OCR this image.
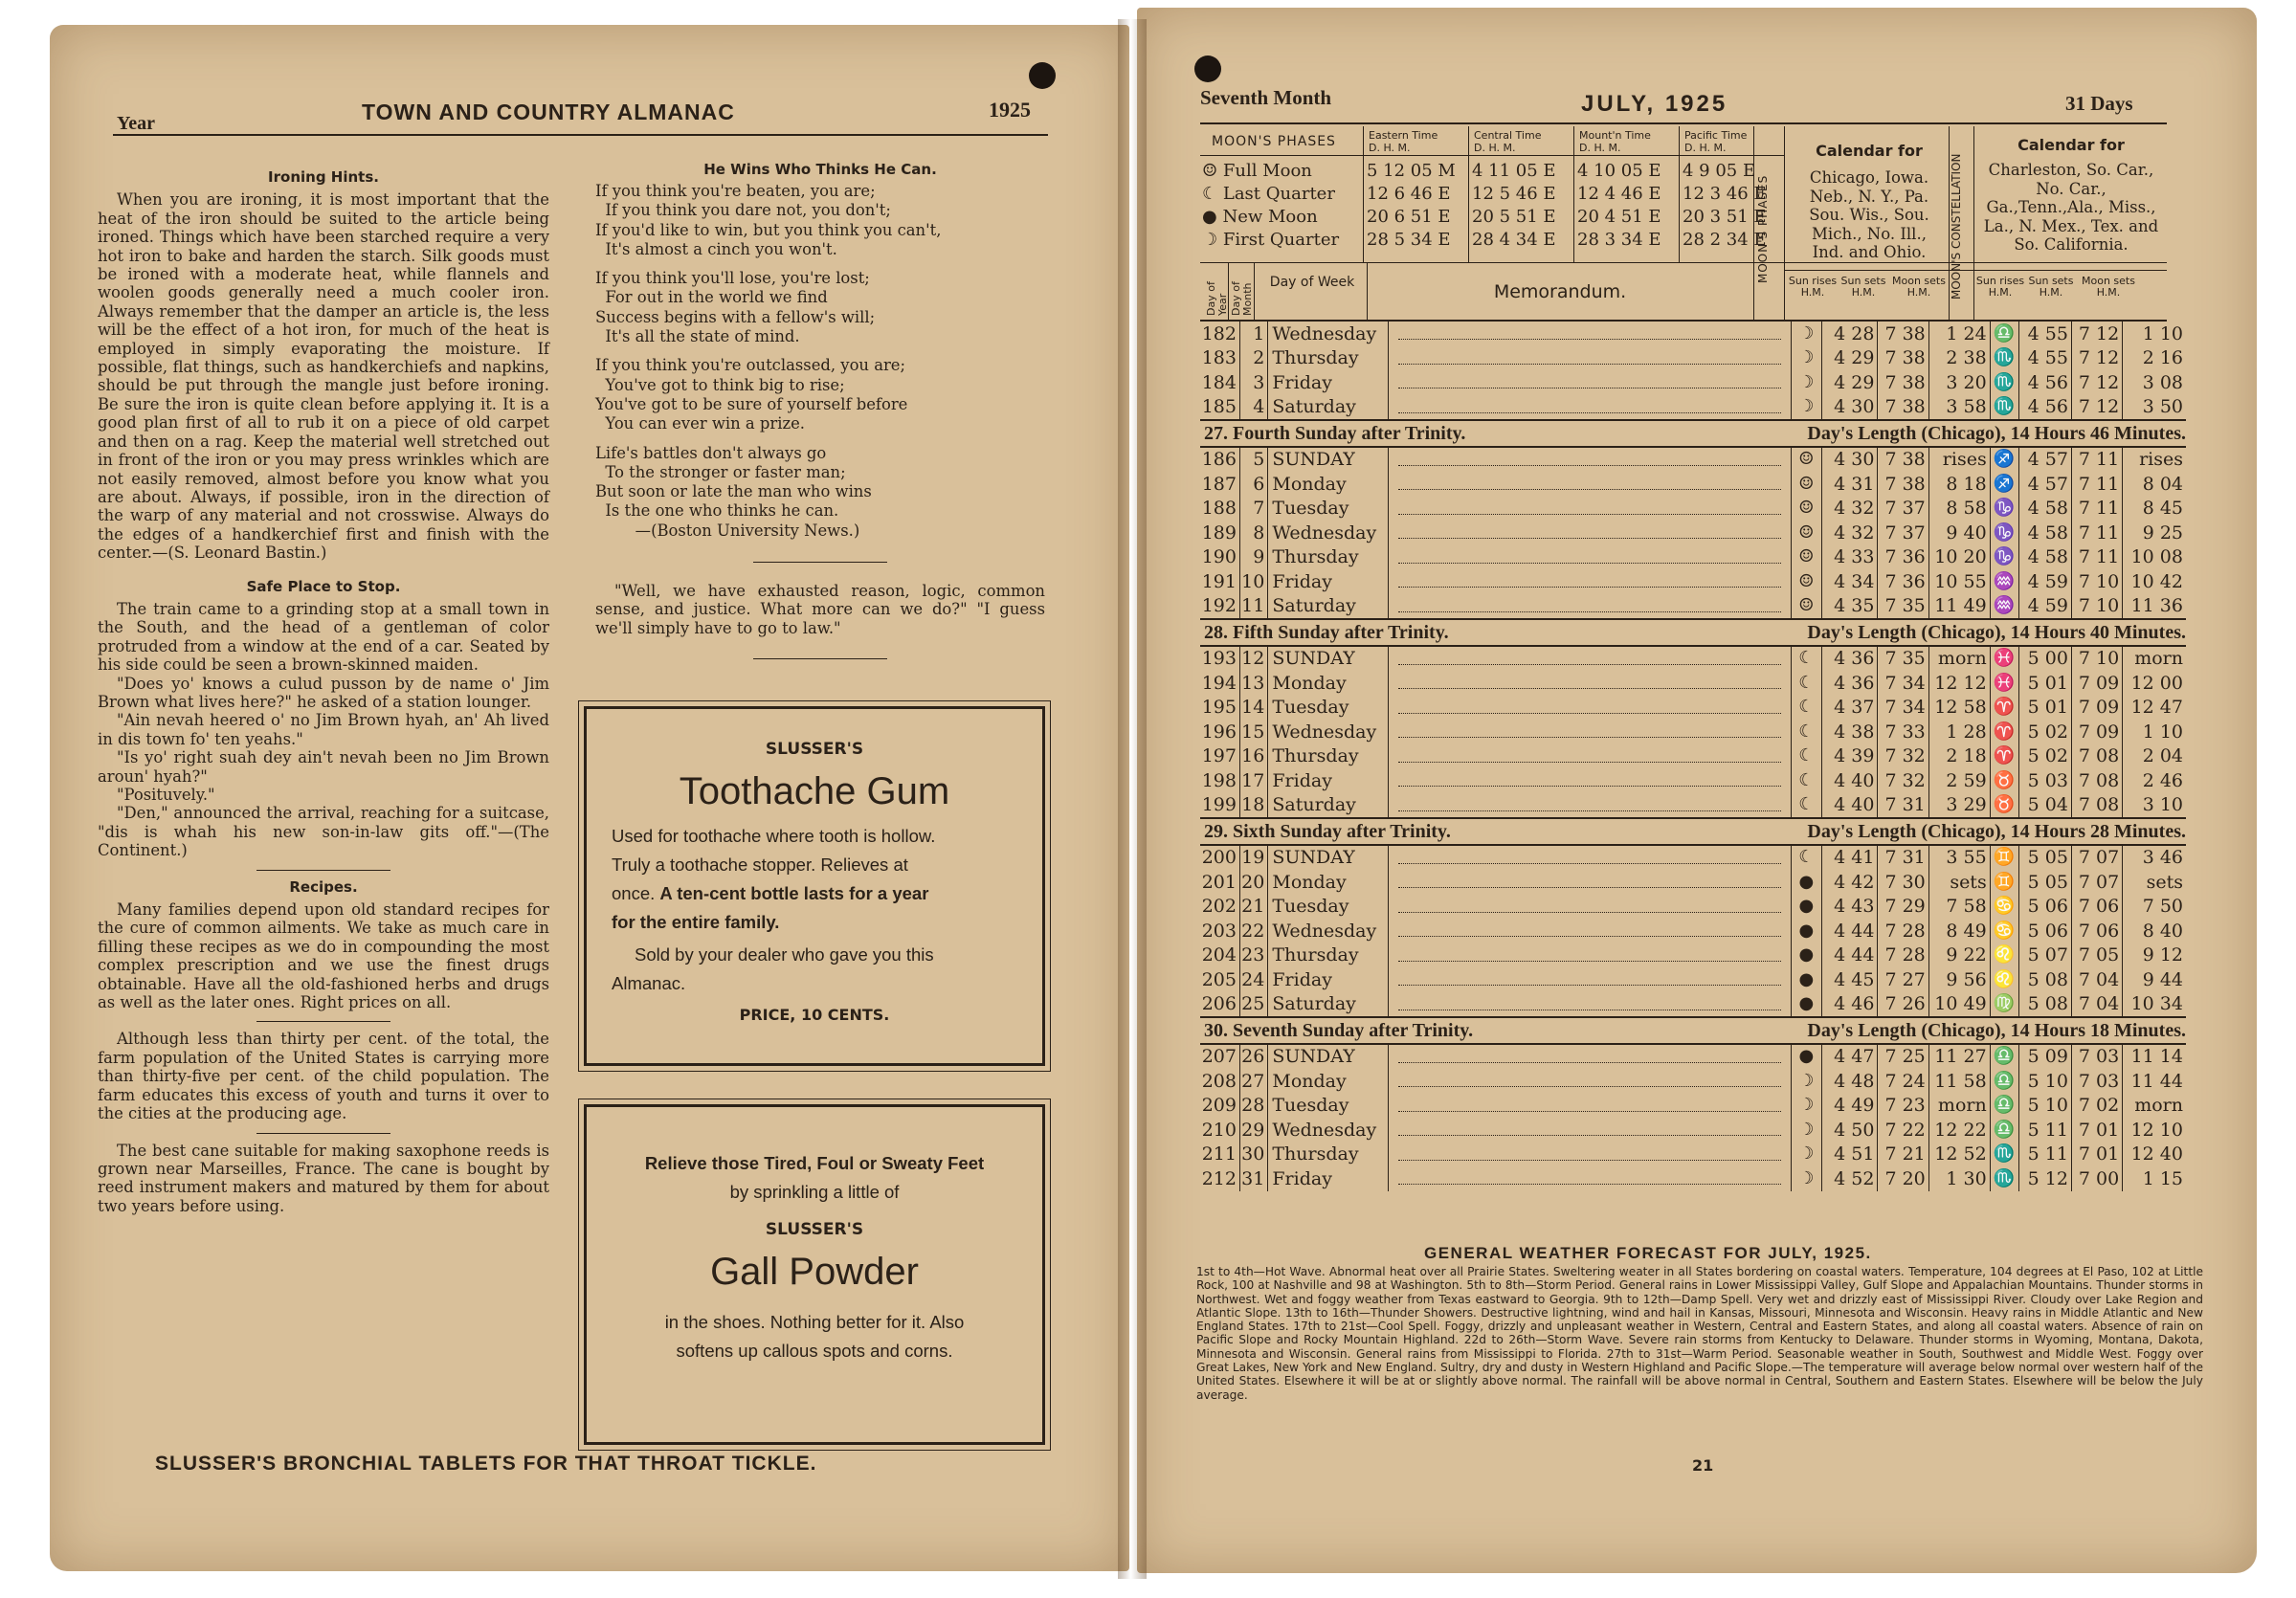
Year	TOWN AND COUNTRY ALMANAC	1925
Ironing Hints.

When you are ironing, it is most important that the heat of the iron should be suited to the article being ironed. Things which have been starched require a very hot iron to bake and harden the starch. Silk goods must be ironed with a moderate heat, while flannels and woolen goods generally need a much cooler iron. Always remember that the damper an article is, the less will be the effect of a hot iron, for much of the heat is employed in simply evaporating the moisture. If possible, flat things, such as handkerchiefs and napkins, should be put through the mangle just before ironing. Be sure the iron is quite clean before applying it. It is a good plan first of all to rub it on a piece of old carpet and then on a rag. Keep the material well stretched out in front of the iron or you may press wrinkles which are not easily removed, almost before you know what you are about. Always, if possible, iron in the direction of the warp of any material and not crosswise. Always do the edges of a handkerchief first and finish with the center.—(S. Leonard Bastin.)

Safe Place to Stop.

The train came to a grinding stop at a small town in the South, and the head of a gentleman of color protruded from a window at the end of a car. Seated by his side could be seen a brown-skinned maiden.

"Does yo' knows a culud pusson by de name o' Jim Brown what lives here?" he asked of a station lounger.

"Ain nevah heered o' no Jim Brown hyah, an' Ah lived in dis town fo' ten yeahs."

"Is yo' right suah dey ain't nevah been no Jim Brown aroun' hyah?"

"Posituvely."

"Den," announced the arrival, reaching for a suitcase, "dis is whah his new son-in-law gits off."—(The Continent.)

Recipes.

Many families depend upon old standard recipes for the cure of common ailments. We take as much care in filling these recipes as we do in compounding the most complex prescription and we use the finest drugs obtainable. Have all the old-fashioned herbs and drugs as well as the later ones. Right prices on all.

Although less than thirty per cent. of the total, the farm population of the United States is carrying more than thirty-five per cent. of the child population. The farm educates this excess of youth and turns it over to the cities at the producing age.

The best cane suitable for making saxophone reeds is grown near Marseilles, France. The cane is bought by reed instrument makers and matured by them for about two years before using.

He Wins Who Thinks He Can.
If you think you're beaten, you are;
If you think you dare not, you don't;
If you'd like to win, but you think you can't,
It's almost a cinch you won't.
If you think you'll lose, you're lost;
For out in the world we find
Success begins with a fellow's will;
It's all the state of mind.
If you think you're outclassed, you are;
You've got to think big to rise;
You've got to be sure of yourself before
You can ever win a prize.
Life's battles don't always go
To the stronger or faster man;
But soon or late the man who wins
Is the one who thinks he can.
—(Boston University News.)
"Well, we have exhausted reason, logic, common sense, and justice. What more can we do?" "I guess we'll simply have to go to law."
SLUSSER'S
Toothache Gum
Used for toothache where tooth is hollow.
Truly a toothache stopper. Relieves at
once. A ten-cent bottle lasts for a year
for the entire family.
Sold by your dealer who gave you this
Almanac.
PRICE, 10 CENTS.
Relieve those Tired, Foul or Sweaty Feet
by sprinkling a little of
SLUSSER'S
Gall Powder
in the shoes. Nothing better for it. Also
softens up callous spots and corns.
SLUSSER'S BRONCHIAL TABLETS FOR THAT THROAT TICKLE.
Seventh Month	JULY, 1925	31 Days
MOON'S PHASES	Eastern Time
D. H. M.
Central Time
D. H. M.
Mount'n Time
D. H. M.
Pacific Time
D. H. M.
☺ Full Moon	5 12 05 M	4 11 05 E	4 10 05 E	4 9 05 E
☾ Last Quarter	12 6 46 E	12 5 46 E	12 4 46 E	12 3 46 E
● New Moon	20 6 51 E	20 5 51 E	20 4 51 E	20 3 51 E
☽ First Quarter	28 5 34 E	28 4 34 E	28 3 34 E	28 2 34 E
Day of Year Day of Month
Day of Week	Memorandum.
MOON'S PHASES
Calendar for
Chicago, Iowa. Neb., N. Y., Pa. Sou. Wis., Sou. Mich., No. Ill., Ind. and Ohio.	MOON'S CONSTELLATION
Calendar for
Charleston, So. Car., No. Car., Ga.,Tenn.,Ala., Miss., La., N. Mex., Tex. and So. California.
Sun rises H.M.
Sun sets H.M.
Moon sets H.M.
Sun rises H.M.
Sun sets H.M.
Moon sets H.M.
182	1	Wednesday		☽	4 28	7 38	1 24	♎	4 55	7 12	1 10
183	2	Thursday		☽	4 29	7 38	2 38	♏	4 55	7 12	2 16
184	3	Friday		☽	4 29	7 38	3 20	♏	4 56	7 12	3 08
185	4	Saturday		☽	4 30	7 38	3 58	♏	4 56	7 12	3 50
27. Fourth Sunday after Trinity.				Day's Length (Chicago), 14 Hours 46 Minutes.							
186	5	SUNDAY		☺	4 30	7 38	rises	♐	4 57	7 11	rises
187	6	Monday		☺	4 31	7 38	8 18	♐	4 57	7 11	8 04
188	7	Tuesday		☺	4 32	7 37	8 58	♑	4 58	7 11	8 45
189	8	Wednesday		☺	4 32	7 37	9 40	♑	4 58	7 11	9 25
190	9	Thursday		☺	4 33	7 36	10 20	♑	4 58	7 11	10 08
191	10	Friday		☺	4 34	7 36	10 55	♒	4 59	7 10	10 42
192	11	Saturday		☺	4 35	7 35	11 49	♒	4 59	7 10	11 36
28. Fifth Sunday after Trinity.				Day's Length (Chicago), 14 Hours 40 Minutes.							
193	12	SUNDAY		☾	4 36	7 35	morn	♓	5 00	7 10	morn
194	13	Monday		☾	4 36	7 34	12 12	♓	5 01	7 09	12 00
195	14	Tuesday		☾	4 37	7 34	12 58	♈	5 01	7 09	12 47
196	15	Wednesday		☾	4 38	7 33	1 28	♈	5 02	7 09	1 10
197	16	Thursday		☾	4 39	7 32	2 18	♈	5 02	7 08	2 04
198	17	Friday		☾	4 40	7 32	2 59	♉	5 03	7 08	2 46
199	18	Saturday		☾	4 40	7 31	3 29	♉	5 04	7 08	3 10
29. Sixth Sunday after Trinity.				Day's Length (Chicago), 14 Hours 28 Minutes.							
200	19	SUNDAY		☾	4 41	7 31	3 55	♊	5 05	7 07	3 46
201	20	Monday		●	4 42	7 30	sets	♊	5 05	7 07	sets
202	21	Tuesday		●	4 43	7 29	7 58	♋	5 06	7 06	7 50
203	22	Wednesday		●	4 44	7 28	8 49	♋	5 06	7 06	8 40
204	23	Thursday		●	4 44	7 28	9 22	♌	5 07	7 05	9 12
205	24	Friday		●	4 45	7 27	9 56	♌	5 08	7 04	9 44
206	25	Saturday		●	4 46	7 26	10 49	♍	5 08	7 04	10 34
30. Seventh Sunday after Trinity.				Day's Length (Chicago), 14 Hours 18 Minutes.							
207	26	SUNDAY		●	4 47	7 25	11 27	♎	5 09	7 03	11 14
208	27	Monday		☽	4 48	7 24	11 58	♎	5 10	7 03	11 44
209	28	Tuesday		☽	4 49	7 23	morn	♎	5 10	7 02	morn
210	29	Wednesday		☽	4 50	7 22	12 22	♎	5 11	7 01	12 10
211	30	Thursday		☽	4 51	7 21	12 52	♏	5 11	7 01	12 40
212	31	Friday		☽	4 52	7 20	1 30	♏	5 12	7 00	1 15
GENERAL WEATHER FORECAST FOR JULY, 1925.
1st to 4th—Hot Wave. Abnormal heat over all Prairie States. Sweltering weater in all States bordering on coastal waters. Temperature, 104 degrees at El Paso, 102 at Little Rock, 100 at Nashville and 98 at Washington. 5th to 8th—Storm Period. General rains in Lower Mississippi Valley, Gulf Slope and Appalachian Mountains. Thunder storms in Northwest. Wet and foggy weather from Texas eastward to Georgia. 9th to 12th—Damp Spell. Very wet and drizzly east of Mississippi River. Cloudy over Lake Region and Atlantic Slope. 13th to 16th—Thunder Showers. Destructive lightning, wind and hail in Kansas, Missouri, Minnesota and Wisconsin. Heavy rains in Middle Atlantic and New England States. 17th to 21st—Cool Spell. Foggy, drizzly and unpleasant weather in Western, Central and Eastern States, and along all coastal waters. Absence of rain on Pacific Slope and Rocky Mountain Highland. 22d to 26th—Storm Wave. Severe rain storms from Kentucky to Delaware. Thunder storms in Wyoming, Montana, Dakota, Minnesota and Wisconsin. General rains from Mississippi to Florida. 27th to 31st—Warm Period. Seasonable weather in South, Southwest and Middle West. Foggy over Great Lakes, New York and New England. Sultry, dry and dusty in Western Highland and Pacific Slope.—The temperature will average below normal over western half of the United States. Elsewhere it will be at or slightly above normal. The rainfall will be above normal in Central, Southern and Eastern States. Elsewhere will be below the July average.
21
